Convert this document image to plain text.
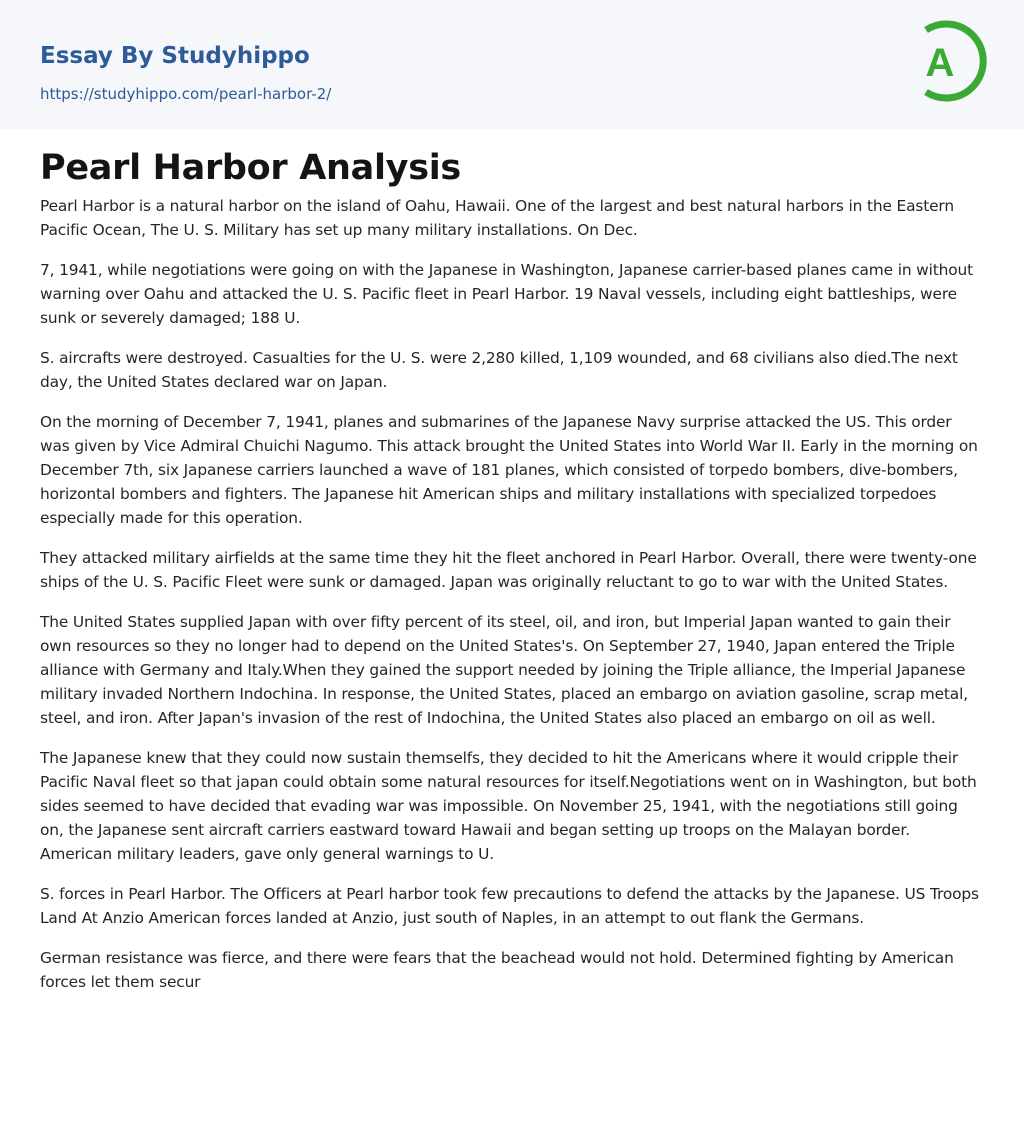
Essay By Studyhippo
https://studyhippo.com/pearl-harbor-2/
A
Pearl Harbor Analysis

Pearl Harbor is a natural harbor on the island of Oahu, Hawaii. One of the largest and best natural harbors in the Eastern Pacific Ocean, The U. S. Military has set up many military installations. On Dec.

7, 1941, while negotiations were going on with the Japanese in Washington, Japanese carrier-based planes came in without warning over Oahu and attacked the U. S. Pacific fleet in Pearl Harbor. 19 Naval vessels, including eight battleships, were sunk or severely damaged; 188 U.

S. aircrafts were destroyed. Casualties for the U. S. were 2,280 killed, 1,109 wounded, and 68 civilians also died.The next day, the United States declared war on Japan.

On the morning of December 7, 1941, planes and submarines of the Japanese Navy surprise attacked the US. This order was given by Vice Admiral Chuichi Nagumo. This attack brought the United States into World War II. Early in the morning on December 7th, six Japanese carriers launched a wave of 181 planes, which consisted of torpedo bombers, dive-bombers, horizontal bombers and fighters. The Japanese hit American ships and military installations with specialized torpedoes especially made for this operation.

They attacked military airfields at the same time they hit the fleet anchored in Pearl Harbor. Overall, there were twenty-one ships of the U. S. Pacific Fleet were sunk or damaged. Japan was originally reluctant to go to war with the United States.

The United States supplied Japan with over fifty percent of its steel, oil, and iron, but Imperial Japan wanted to gain their own resources so they no longer had to depend on the United States's. On September 27, 1940, Japan entered the Triple alliance with Germany and Italy.When they gained the support needed by joining the Triple alliance, the Imperial Japanese military invaded Northern Indochina. In response, the United States, placed an embargo on aviation gasoline, scrap metal, steel, and iron. After Japan's invasion of the rest of Indochina, the United States also placed an embargo on oil as well.

The Japanese knew that they could now sustain themselfs, they decided to hit the Americans where it would cripple their Pacific Naval fleet so that japan could obtain some natural resources for itself.Negotiations went on in Washington, but both sides seemed to have decided that evading war was impossible. On November 25, 1941, with the negotiations still going on, the Japanese sent aircraft carriers eastward toward Hawaii and began setting up troops on the Malayan border. American military leaders, gave only general warnings to U.

S. forces in Pearl Harbor. The Officers at Pearl harbor took few precautions to defend the attacks by the Japanese. US Troops Land At Anzio American forces landed at Anzio, just south of Naples, in an attempt to out flank the Germans.

German resistance was fierce, and there were fears that the beachead would not hold. Determined fighting by American forces let them secur
